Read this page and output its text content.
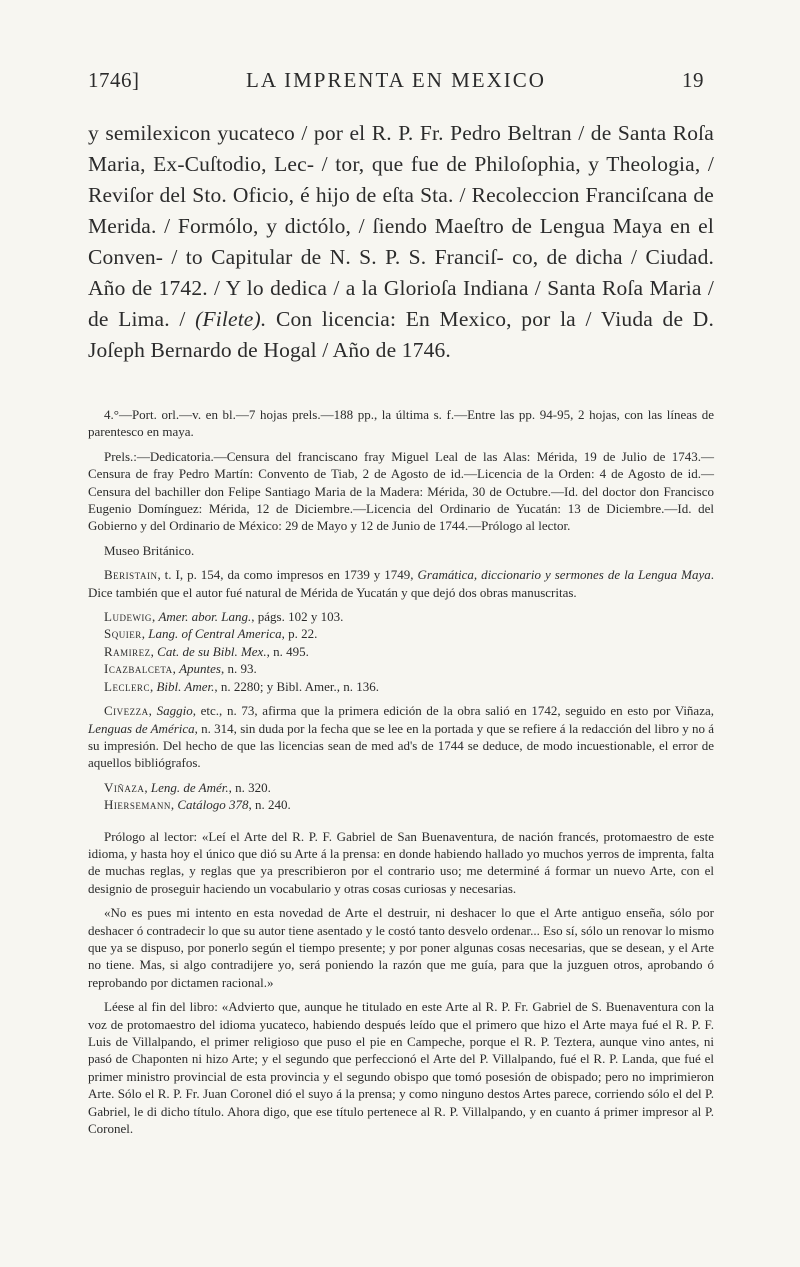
1746]	LA IMPRENTA EN MEXICO	19

y semilexicon yucateco / por el R. P. Fr. Pedro Beltran / de Santa Roſa Maria, Ex-Cuſtodio, Lec- / tor, que fue de Philoſophia, y Theologia, / Reviſor del Sto. Oficio, é hijo de eſta Sta. / Recoleccion Franciſcana de Merida. / Formólo, y dictólo, / ſiendo Maeſtro de Lengua Maya en el Conven- / to Capitular de N. S. P. S. Franciſ- co, de dicha / Ciudad. Año de 1742. / Y lo dedica / a la Glorioſa Indiana / Santa Roſa Maria / de Lima. / (Filete). Con licencia: En Mexico, por la / Viuda de D. Joſeph Bernardo de Hogal / Año de 1746.

4.°—Port. orl.—v. en bl.—7 hojas prels.—188 pp., la última s. f.—Entre las pp. 94-95, 2 hojas, con las líneas de parentesco en maya.

Prels.:—Dedicatoria.—Censura del franciscano fray Miguel Leal de las Alas: Mérida, 19 de Julio de 1743.—Censura de fray Pedro Martín: Convento de Tiab, 2 de Agosto de id.—Licencia de la Orden: 4 de Agosto de id.—Censura del bachiller don Felipe Santiago Maria de la Madera: Mérida, 30 de Octubre.—Id. del doctor don Francisco Eugenio Domínguez: Mérida, 12 de Diciembre.—Licencia del Ordinario de Yucatán: 13 de Diciembre.—Id. del Gobierno y del Ordinario de México: 29 de Mayo y 12 de Junio de 1744.—Prólogo al lector.

Museo Británico.

Beristain, t. I, p. 154, da como impresos en 1739 y 1749, Gramática, diccionario y sermones de la Lengua Maya. Dice también que el autor fué natural de Mérida de Yucatán y que dejó dos obras manuscritas.

Ludewig, Amer. abor. Lang., págs. 102 y 103.
Squier, Lang. of Central America, p. 22.
Ramirez, Cat. de su Bibl. Mex., n. 495.
Icazbalceta, Apuntes, n. 93.
Leclerc, Bibl. Amer., n. 2280; y Bibl. Amer., n. 136.

Civezza, Saggio, etc., n. 73, afirma que la primera edición de la obra salió en 1742, seguido en esto por Viñaza, Lenguas de América, n. 314, sin duda por la fecha que se lee en la portada y que se refiere á la redacción del libro y no á su impresión. Del hecho de que las licencias sean de med ad's de 1744 se deduce, de modo incuestionable, el error de aquellos bibliógrafos.

Viñaza, Leng. de Amér., n. 320.
Hiersemann, Catálogo 378, n. 240.

Prólogo al lector: «Leí el Arte del R. P. F. Gabriel de San Buenaventura, de nación francés, protomaestro de este idioma, y hasta hoy el único que dió su Arte á la prensa: en donde habiendo hallado yo muchos yerros de imprenta, falta de muchas reglas, y reglas que ya prescribieron por el contrario uso; me determiné á formar un nuevo Arte, con el designio de proseguir haciendo un vocabulario y otras cosas curiosas y necesarias.

«No es pues mi intento en esta novedad de Arte el destruir, ni deshacer lo que el Arte antiguo enseña, sólo por deshacer ó contradecir lo que su autor tiene asentado y le costó tanto desvelo ordenar... Eso sí, sólo un renovar lo mismo que ya se dispuso, por ponerlo según el tiempo presente; y por poner algunas cosas necesarias, que se desean, y el Arte no tiene. Mas, si algo contradijere yo, será poniendo la razón que me guía, para que la juzguen otros, aprobando ó reprobando por dictamen racional.»

Léese al fin del libro: «Advierto que, aunque he titulado en este Arte al R. P. Fr. Gabriel de S. Buenaventura con la voz de protomaestro del idioma yucateco, habiendo después leído que el primero que hizo el Arte maya fué el R. P. F. Luis de Villalpando, el primer religioso que puso el pie en Campeche, porque el R. P. Teztera, aunque vino antes, ni pasó de Chaponten ni hizo Arte; y el segundo que perfeccionó el Arte del P. Villalpando, fué el R. P. Landa, que fué el primer ministro provincial de esta provincia y el segundo obispo que tomó posesión de obispado; pero no imprimieron Arte. Sólo el R. P. Fr. Juan Coronel dió el suyo á la prensa; y como ninguno destos Artes parece, corriendo sólo el del P. Gabriel, le di dicho título. Ahora digo, que ese título pertenece al R. P. Villalpando, y en cuanto á primer impresor al P. Coronel.
